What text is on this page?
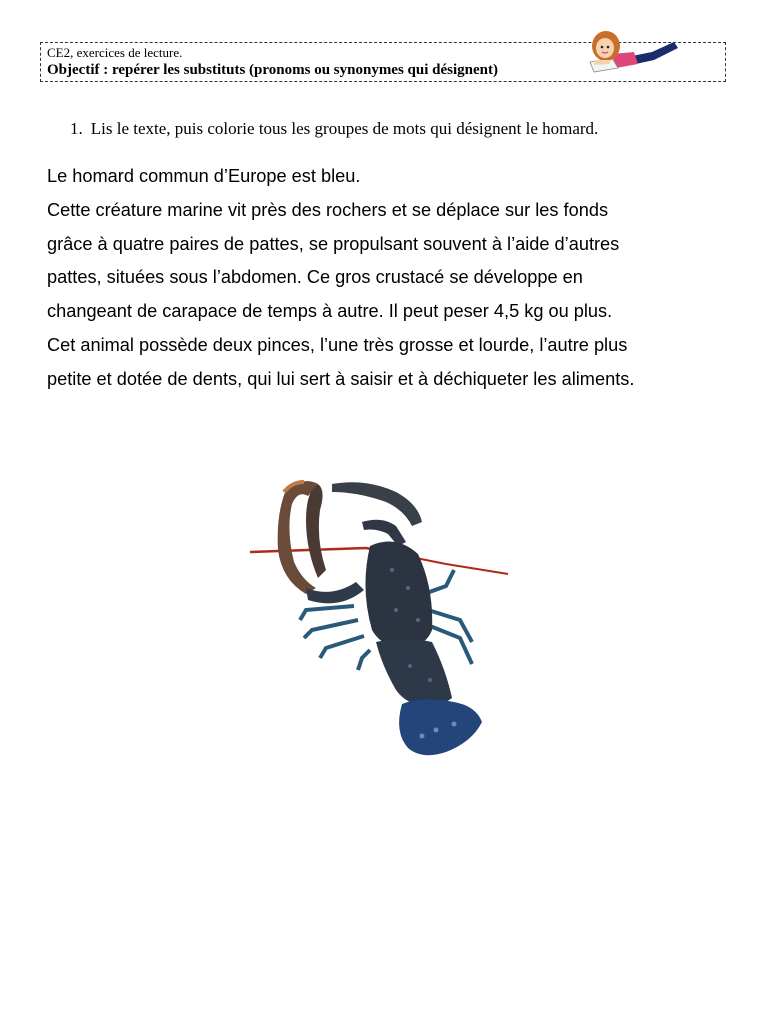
CE2, exercices de lecture.
Objectif : repérer les substituts (pronoms ou synonymes qui désignent)
1. Lis le texte, puis colorie tous les groupes de mots qui désignent le homard.

Le homard commun d’Europe est bleu.

Cette créature marine vit près des rochers et se déplace sur les fonds

grâce à quatre paires de pattes, se propulsant souvent à l’aide d’autres

pattes, situées sous l’abdomen. Ce gros crustacé se développe en

changeant de carapace de temps à autre. Il peut peser 4,5 kg ou plus.

Cet animal possède deux pinces, l’une très grosse et lourde, l’autre plus

petite et dotée de dents, qui lui sert à saisir et à déchiqueter les aliments.
